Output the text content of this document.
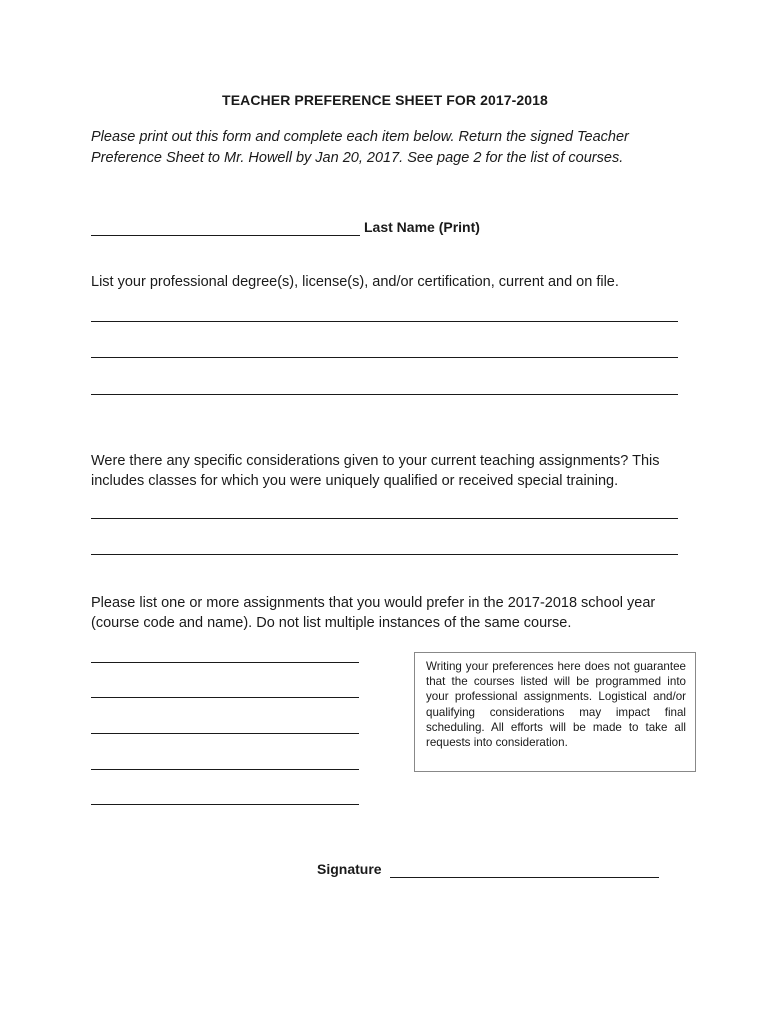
TEACHER PREFERENCE SHEET FOR 2017-2018
Please print out this form and complete each item below. Return the signed Teacher Preference Sheet to Mr. Howell by Jan 20, 2017. See page 2 for the list of courses.
Last Name (Print)
List your professional degree(s), license(s), and/or certification, current and on file.
Were there any specific considerations given to your current teaching assignments? This includes classes for which you were uniquely qualified or received special training.
Please list one or more assignments that you would prefer in the 2017-2018 school year (course code and name). Do not list multiple instances of the same course.
Writing your preferences here does not guarantee that the courses listed will be programmed into your professional assignments. Logistical and/or qualifying considerations may impact final scheduling. All efforts will be made to take all requests into consideration.
Signature
